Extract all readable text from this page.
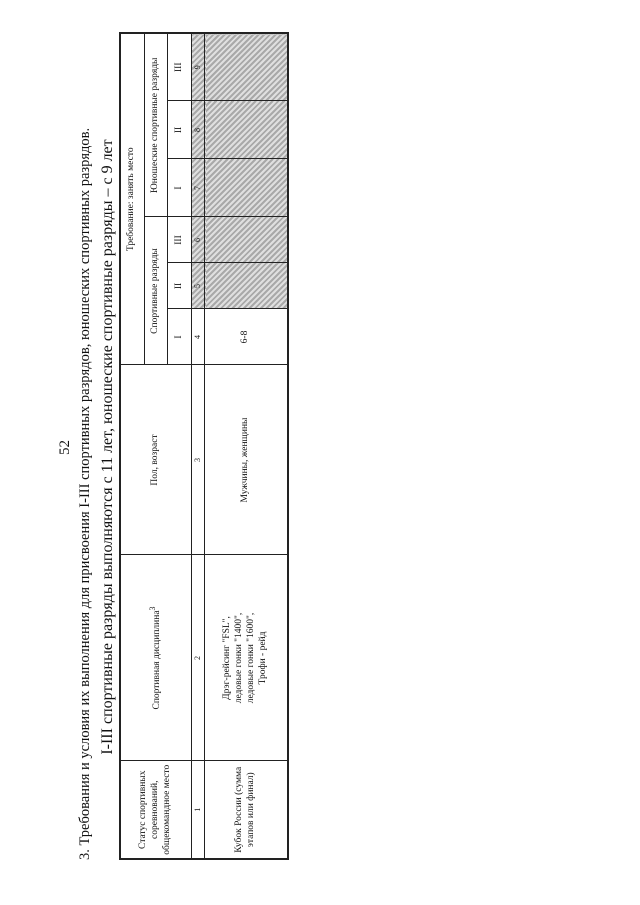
52 3. Требования и условия их выполнения для присвоения I-III спортивных разрядов, юношеских спортивных разрядов. I-III спортивные разряды выполняются с 11 лет, юношеские спортивные разряды – с 9 лет
Статус спортивных соревнований, общекомандное место	Спортивная дисциплина$^3$	Пол, возраст	Требование: занять место					
			Спортивные разряды			Юношеские спортивные разряды		
			I	II	III	I	II	III
1	2	3	4	5	6	7	8	9
Кубок России (сумма этапов или финал)	Дрэг-рейсинг "FSL", ледовые гонки "1400", ледовые гонки "1600", Трофи - рейд	Мужчины, женщины	6-8					
